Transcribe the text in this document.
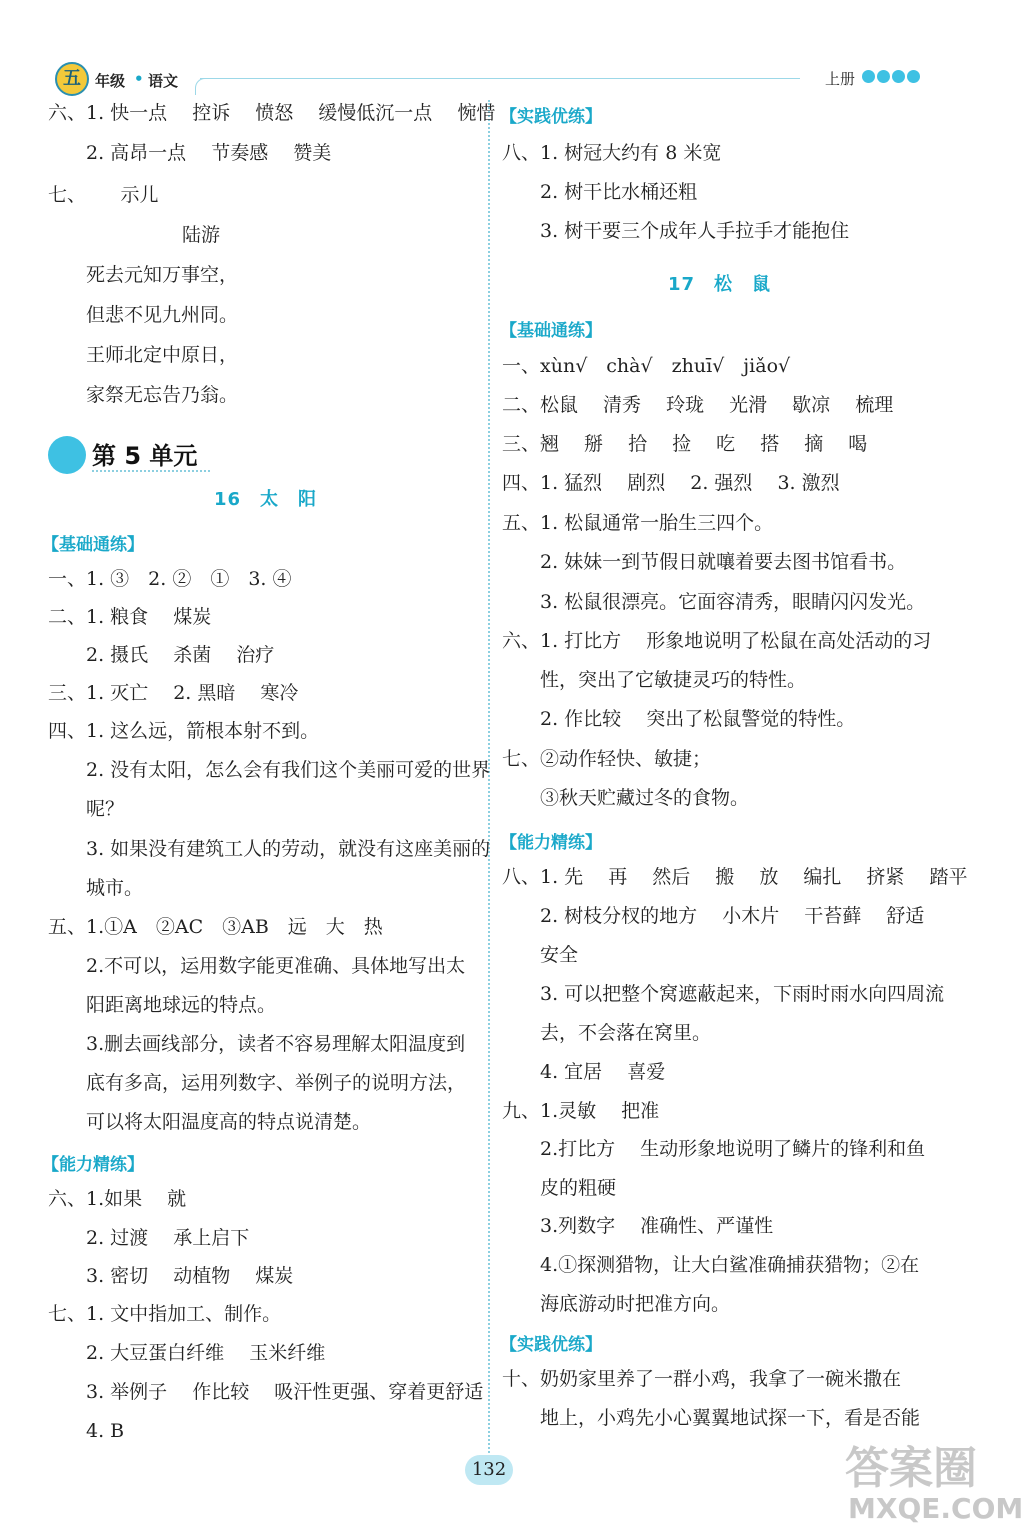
五 年级 • 语文	上册
六、1. 快一点　 控诉　 愤怒　 缓慢低沉一点　 惋惜
2. 高昂一点　 节奏感　 赞美
七、　　 示儿
陆游
死去元知万事空，
但悲不见九州同。
王师北定中原日，
家祭无忘告乃翁。
第 5 单元
16　太　阳
【基础通练】
一、1. ③　2. ②　①　3. ④
二、1. 粮食　 煤炭
2. 摄氏　 杀菌　 治疗
三、1. 灭亡　 2. 黑暗　 寒冷
四、1. 这么远，箭根本射不到。
2. 没有太阳，怎么会有我们这个美丽可爱的世界
呢？
3. 如果没有建筑工人的劳动，就没有这座美丽的
城市。
五、1.①A　②AC　③AB　远　大　热
2.不可以，运用数字能更准确、具体地写出太
阳距离地球远的特点。
3.删去画线部分，读者不容易理解太阳温度到
底有多高，运用列数字、举例子的说明方法，
可以将太阳温度高的特点说清楚。
【能力精练】
六、1.如果　 就
2. 过渡　 承上启下
3. 密切　 动植物　 煤炭
七、1. 文中指加工、制作。
2. 大豆蛋白纤维　 玉米纤维
3. 举例子　 作比较　 吸汗性更强、穿着更舒适
4. B
【实践优练】
八、1. 树冠大约有 8 米宽
2. 树干比水桶还粗
3. 树干要三个成年人手拉手才能抱住
17　松　鼠
【基础通练】
一、xùn√　chà√　zhuī√　jiǎo√
二、松鼠　 清秀　 玲珑　 光滑　 歇凉　 梳理
三、翘　 掰　 拾　 捡　 吃　 搭　 摘　 喝
四、1. 猛烈　 剧烈　 2. 强烈　 3. 激烈
五、1. 松鼠通常一胎生三四个。
2. 妹妹一到节假日就嚷着要去图书馆看书。
3. 松鼠很漂亮。它面容清秀，眼睛闪闪发光。
六、1. 打比方　 形象地说明了松鼠在高处活动的习
性，突出了它敏捷灵巧的特性。
2. 作比较　 突出了松鼠警觉的特性。
七、②动作轻快、敏捷；
③秋天贮藏过冬的食物。
【能力精练】
八、1. 先　 再　 然后　 搬　 放　 编扎　 挤紧　 踏平
2. 树枝分杈的地方　 小木片　 干苔藓　 舒适
安全
3. 可以把整个窝遮蔽起来，下雨时雨水向四周流
去，不会落在窝里。
4. 宜居　 喜爱
九、1.灵敏　 把准
2.打比方　 生动形象地说明了鳞片的锋利和鱼
皮的粗硬
3.列数字　 准确性、严谨性
4.①探测猎物，让大白鲨准确捕获猎物；②在
海底游动时把准方向。
【实践优练】
十、奶奶家里养了一群小鸡，我拿了一碗米撒在
地上，小鸡先小心翼翼地试探一下，看是否能
132	答案圈
MXQE.COM
